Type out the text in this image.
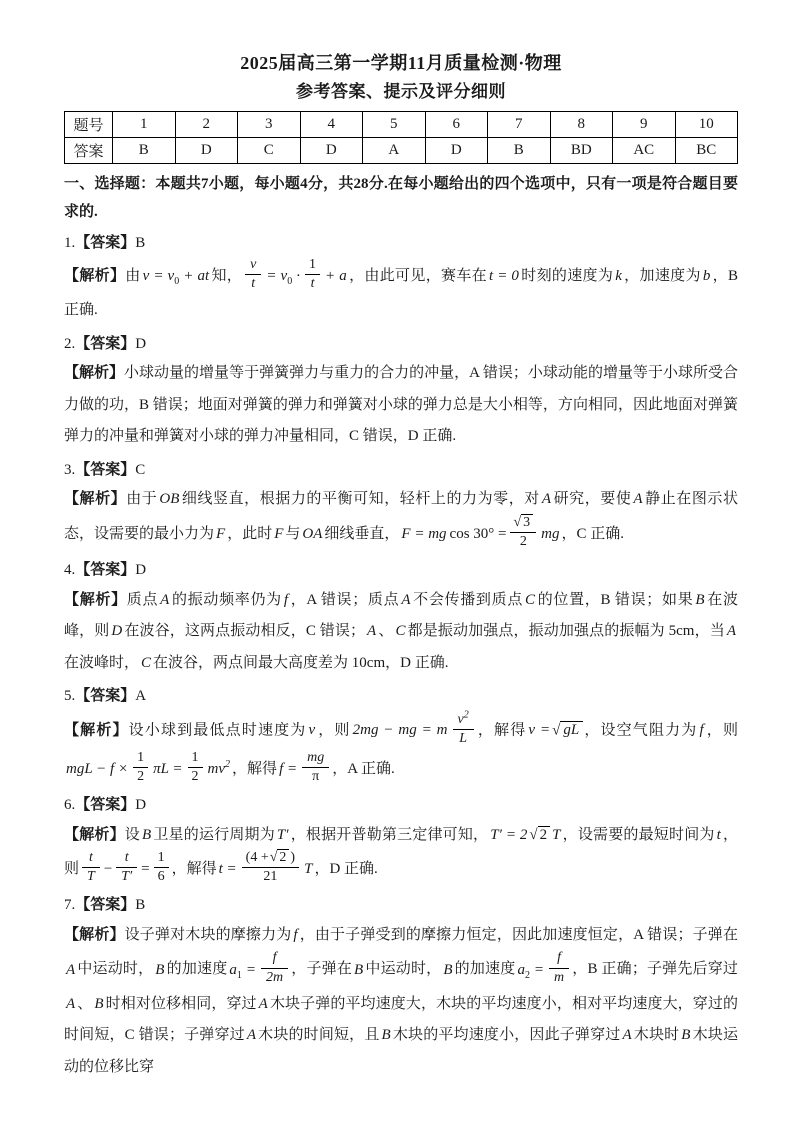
2025届高三第一学期11月质量检测·物理
参考答案、提示及评分细则
题号	1	2	3	4	5	6	7	8	9	10
答案	B	D	C	D	A	D	B	BD	AC	BC
一、选择题：本题共7小题，每小题4分，共28分.在每小题给出的四个选项中，只有一项是符合题目要求的.
1.【答案】B
【解析】由 $v = v_0$ + at 知， $\frac{v}{t} = v_0 \cdot \frac{1}{t} + a$ ，由此可见，赛车在 t = 0 时刻的速度为 k ，加速度为 b ，B 正确.
2.【答案】D
【解析】小球动量的增量等于弹簧弹力与重力的合力的冲量，A 错误；小球动能的增量等于小球所受合力做的功，B 错误；地面对弹簧的弹力和弹簧对小球的弹力总是大小相等，方向相同，因此地面对弹簧弹力的冲量和弹簧对小球的弹力冲量相同，C 错误，D 正确.
3.【答案】C
【解析】由于 OB 细线竖直，根据力的平衡可知，轻杆上的力为零，对 A 研究，要使 A 静止在图示状态，设需要的最小力为 F ，此时 F 与 OA 细线垂直， F = mg $\cos 30^\circ = \frac{√ 3}{2}$ mg ，C 正确.
4.【答案】D
【解析】质点 A 的振动频率仍为 f ，A 错误；质点 A 不会传播到质点 C 的位置，B 错误；如果 B 在波峰，则 D 在波谷，这两点振动相反，C 错误； A 、 C 都是振动加强点，振动加强点的振幅为 5cm，当 A在波峰时， C 在波谷，两点间最大高度差为 10cm，D 正确.
5.【答案】A
【解析】设小球到最低点时速度为 v ，则 2mg − mg = m $\frac{v^2}{L}$ ，解得 v = √ gL ，设空气阻力为 f ，则mgL − $f \times \frac{1}{2}$ $\pi L = \frac{1}{2} mv^2$ ，解得 $f = \frac{mg}{\pi}$ ，A 正确.
6.【答案】D
【解析】设 B 卫星的运行周期为 T′ ，根据开普勒第三定律可知， T′ = 2 √ 2 T ，设需要的最短时间为 t ，则 $\frac{t}{T} - \frac{t}{T'} = \frac{1}{6}$ ，解得 $t = \frac{(4 +√ 2 )}{21}$ T ，D 正确.
7.【答案】B
【解析】设子弹对木块的摩擦力为 f ，由于子弹受到的摩擦力恒定，因此加速度恒定，A 错误；子弹在A 中运动时， B 的加速度 $a_1 = \frac{f}{2m}$ ，子弹在 B 中运动时， B 的加速度 $a_2 = \frac{f}{m}$ ，B 正确；子弹先后穿过A 、 B 时相对位移相同，穿过 A 木块子弹的平均速度大，木块的平均速度小，相对平均速度大，穿过的时间短，C 错误；子弹穿过 A 木块的时间短，且 B 木块的平均速度小，因此子弹穿过 A 木块时 B 木块运动的位移比穿
